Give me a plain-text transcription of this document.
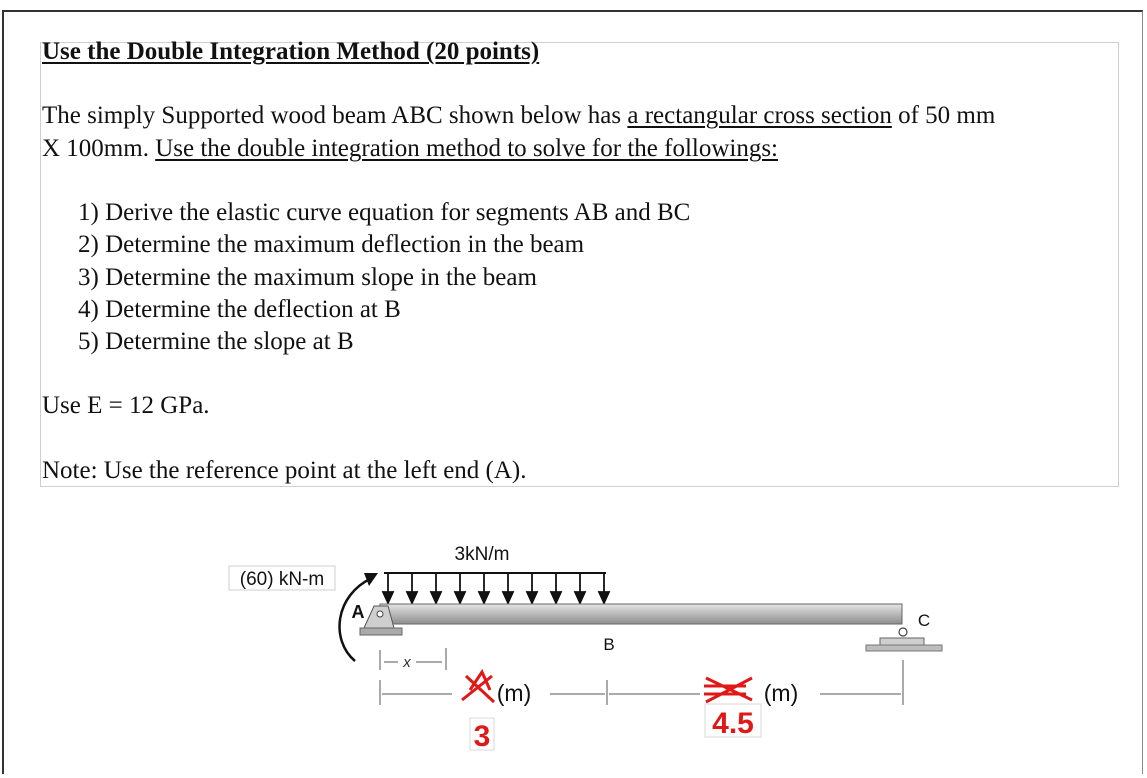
Use the Double Integration Method (20 points)
The simply Supported wood beam ABC shown below has a rectangular cross section of 50 mm
X 100mm. Use the double integration method to solve for the followings:
1) Derive the elastic curve equation for segments AB and BC
2) Determine the maximum deflection in the beam
3) Determine the maximum slope in the beam
4) Determine the deflection at B
5) Determine the slope at B
Use E = 12 GPa.
Note: Use the reference point at the left end (A).
3kN/m
(60) kN-m
A	C
B
x
(m)	(m)
3	4.5
